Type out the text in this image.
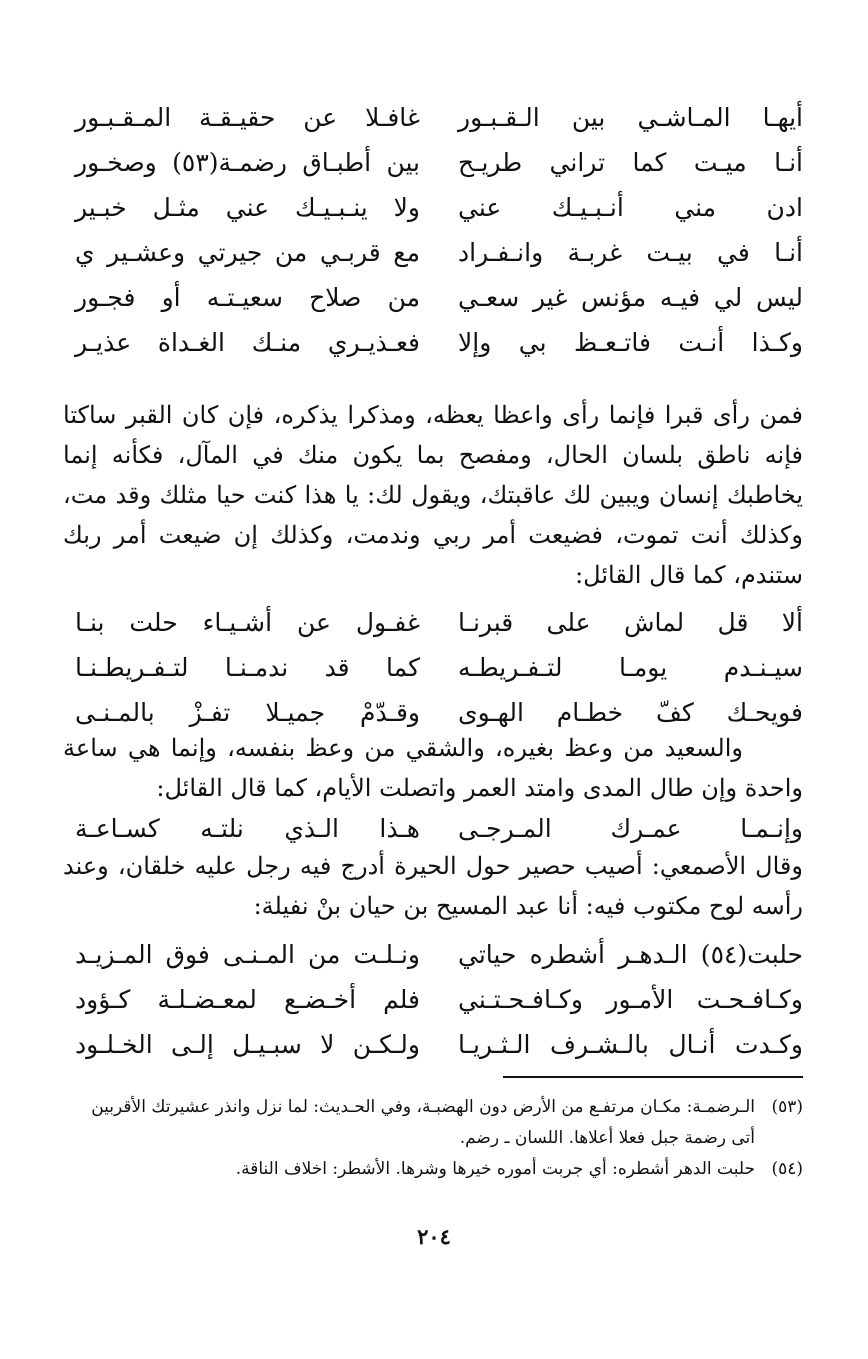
أيهـا المـاشـي بين الـقـبـور
غافـلا عن حقيـقـة المـقـبـور
أنـا ميـت كما تراني طريـح
بين أطبـاق رضمـة(٥٣) وصخـور
ادن مني أنـبـيـك عني
ولا ينـبـيـك عني مثـل خبـير
أنـا في بيـت غربـة وانـفـراد
مع قربـي من جيرتي وعشـير ي
ليس لي فيـه مؤنس غير سعـي
من صلاح سعيـتـه أو فجـور
وكـذا أنـت فاتـعـظ بي وإلا
فعـذيـري منـك الغـداة عذيـر

فمن رأى قبرا فإنما رأى واعظا يعظه، ومذكرا يذكره، فإن كان القبر ساكتا فإنه ناطق بلسان الحال، ومفصح بما يكون منك في المآل، فكأنه إنما يخاطبك إنسان ويبين لك عاقبتك، ويقول لك: يا هذا كنت حيا مثلك وقد مت، وكذلك أنت تموت، فضيعت أمر ربي وندمت، وكذلك إن ضيعت أمر ربك ستندم، كما قال القائل:

ألا قل لماش على قبرنـا
غفـول عن أشـيـاء حلت بنـا
سيـنـدم يومـا لتـفـريطـه
كما قد ندمـنـا لتـفـريطـنـا
فويحـك كفّ خطـام الهـوى
وقـدّمْ جميـلا تفـزْ بالمـنـى

والسعيد من وعظ بغيره، والشقي من وعظ بنفسه، وإنما هي ساعة واحدة وإن طال المدى وامتد العمر واتصلت الأيام، كما قال القائل:

وإنـمـا عمـرك المـرجـى
هـذا الـذي نلتـه كسـاعـة

وقال الأصمعي: أصيب حصير حول الحيرة أدرج فيه رجل عليه خلقان، وعند رأسه لوح مكتوب فيه: أنا عبد المسيح بن حيان بنْ نفيلة:

حلبت(٥٤) الـدهـر أشطره حياتي
ونـلـت من المـنـى فوق المـزيـد
وكـافـحـت الأمـور وكـافـحـتـني
فلم أخـضـع لمعـضـلـة كـؤود
وكـدت أنـال بالـشـرف الـثـريـا
ولـكـن لا سبـيـل إلـى الخـلـود
(٥٣)
الـرضمـة: مكـان مرتفـع من الأرض دون الهضبـة، وفي الحـديث: لما نزل وانذر عشيرتك الأقربين أتى رضمة جبل فعلا أعلاها. اللسان ـ رضم.
(٥٤)
حلبت الدهر أشطره: أي جربت أموره خيرها وشرها. الأشطر: اخلاف الناقة.
٢٠٤
